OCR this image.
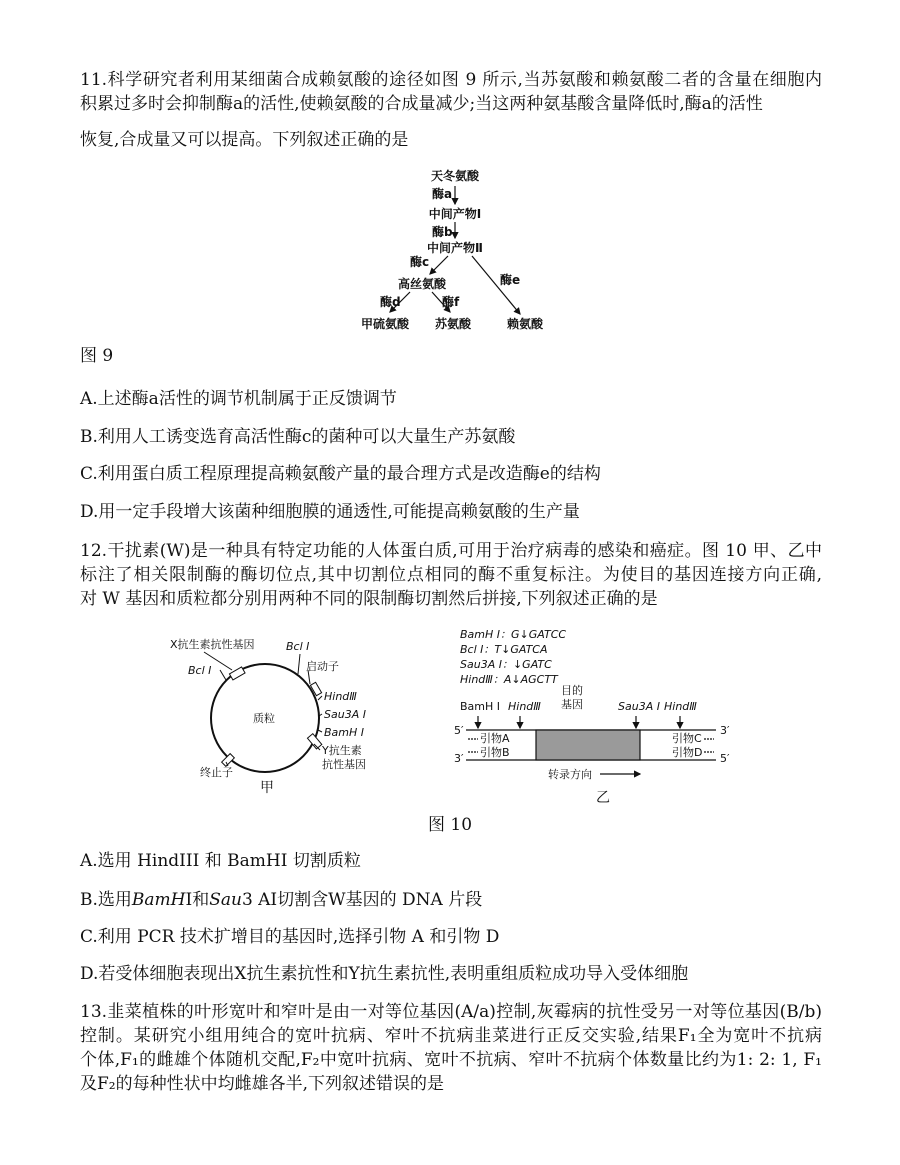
11.科学研究者利用某细菌合成赖氨酸的途径如图 9 所示,当苏氨酸和赖氨酸二者的含量在细胞内
积累过多时会抑制酶a的活性,使赖氨酸的合成量减少;当这两种氨基酸含量降低时,酶a的活性
恢复,合成量又可以提高。下列叙述正确的是
天冬氨酸
酶a
中间产物Ⅰ
酶b
中间产物Ⅱ
酶c
酶e
高丝氨酸
酶d	酶f
甲硫氨酸 苏氨酸	赖氨酸
图 9
A.上述酶a活性的调节机制属于正反馈调节
B.利用人工诱变选育高活性酶c的菌种可以大量生产苏氨酸
C.利用蛋白质工程原理提高赖氨酸产量的最合理方式是改造酶e的结构
D.用一定手段增大该菌种细胞膜的通透性,可能提高赖氨酸的生产量
12.干扰素(W)是一种具有特定功能的人体蛋白质,可用于治疗病毒的感染和癌症。图 10 甲、乙中
标注了相关限制酶的酶切位点,其中切割位点相同的酶不重复标注。为使目的基因连接方向正确,
对 W 基因和质粒都分别用两种不同的限制酶切割然后拼接,下列叙述正确的是
X抗生素抗性基因	Bcl Ⅰ
Bcl Ⅰ	启动子
质粒
HindⅢ
Sau3A Ⅰ
BamH Ⅰ
Y抗生素
抗性基因
终止子
甲
BamH Ⅰ：G↓GATCC
Bcl Ⅰ：T↓GATCA
Sau3A Ⅰ：↓GATC
HindⅢ：A↓AGCTT
BamH Ⅰ HindⅢ
目的
基因	Sau3A Ⅰ HindⅢ
5′
3′
3′
5′
引物A
引物B
引物C
引物D
转录方向
乙
图 10
A.选用 HindIII 和 BamHI 切割质粒
B.选用BamHI和Sau3 AI切割含W基因的 DNA 片段
C.利用 PCR 技术扩增目的基因时,选择引物 A 和引物 D
D.若受体细胞表现出X抗生素抗性和Y抗生素抗性,表明重组质粒成功导入受体细胞
13.韭菜植株的叶形宽叶和窄叶是由一对等位基因(A/a)控制,灰霉病的抗性受另一对等位基因(B/b)
控制。某研究小组用纯合的宽叶抗病、窄叶不抗病韭菜进行正反交实验,结果F₁全为宽叶不抗病
个体,F₁的雌雄个体随机交配,F₂中宽叶抗病、宽叶不抗病、窄叶不抗病个体数量比约为1: 2: 1, F₁
及F₂的每种性状中均雌雄各半,下列叙述错误的是
